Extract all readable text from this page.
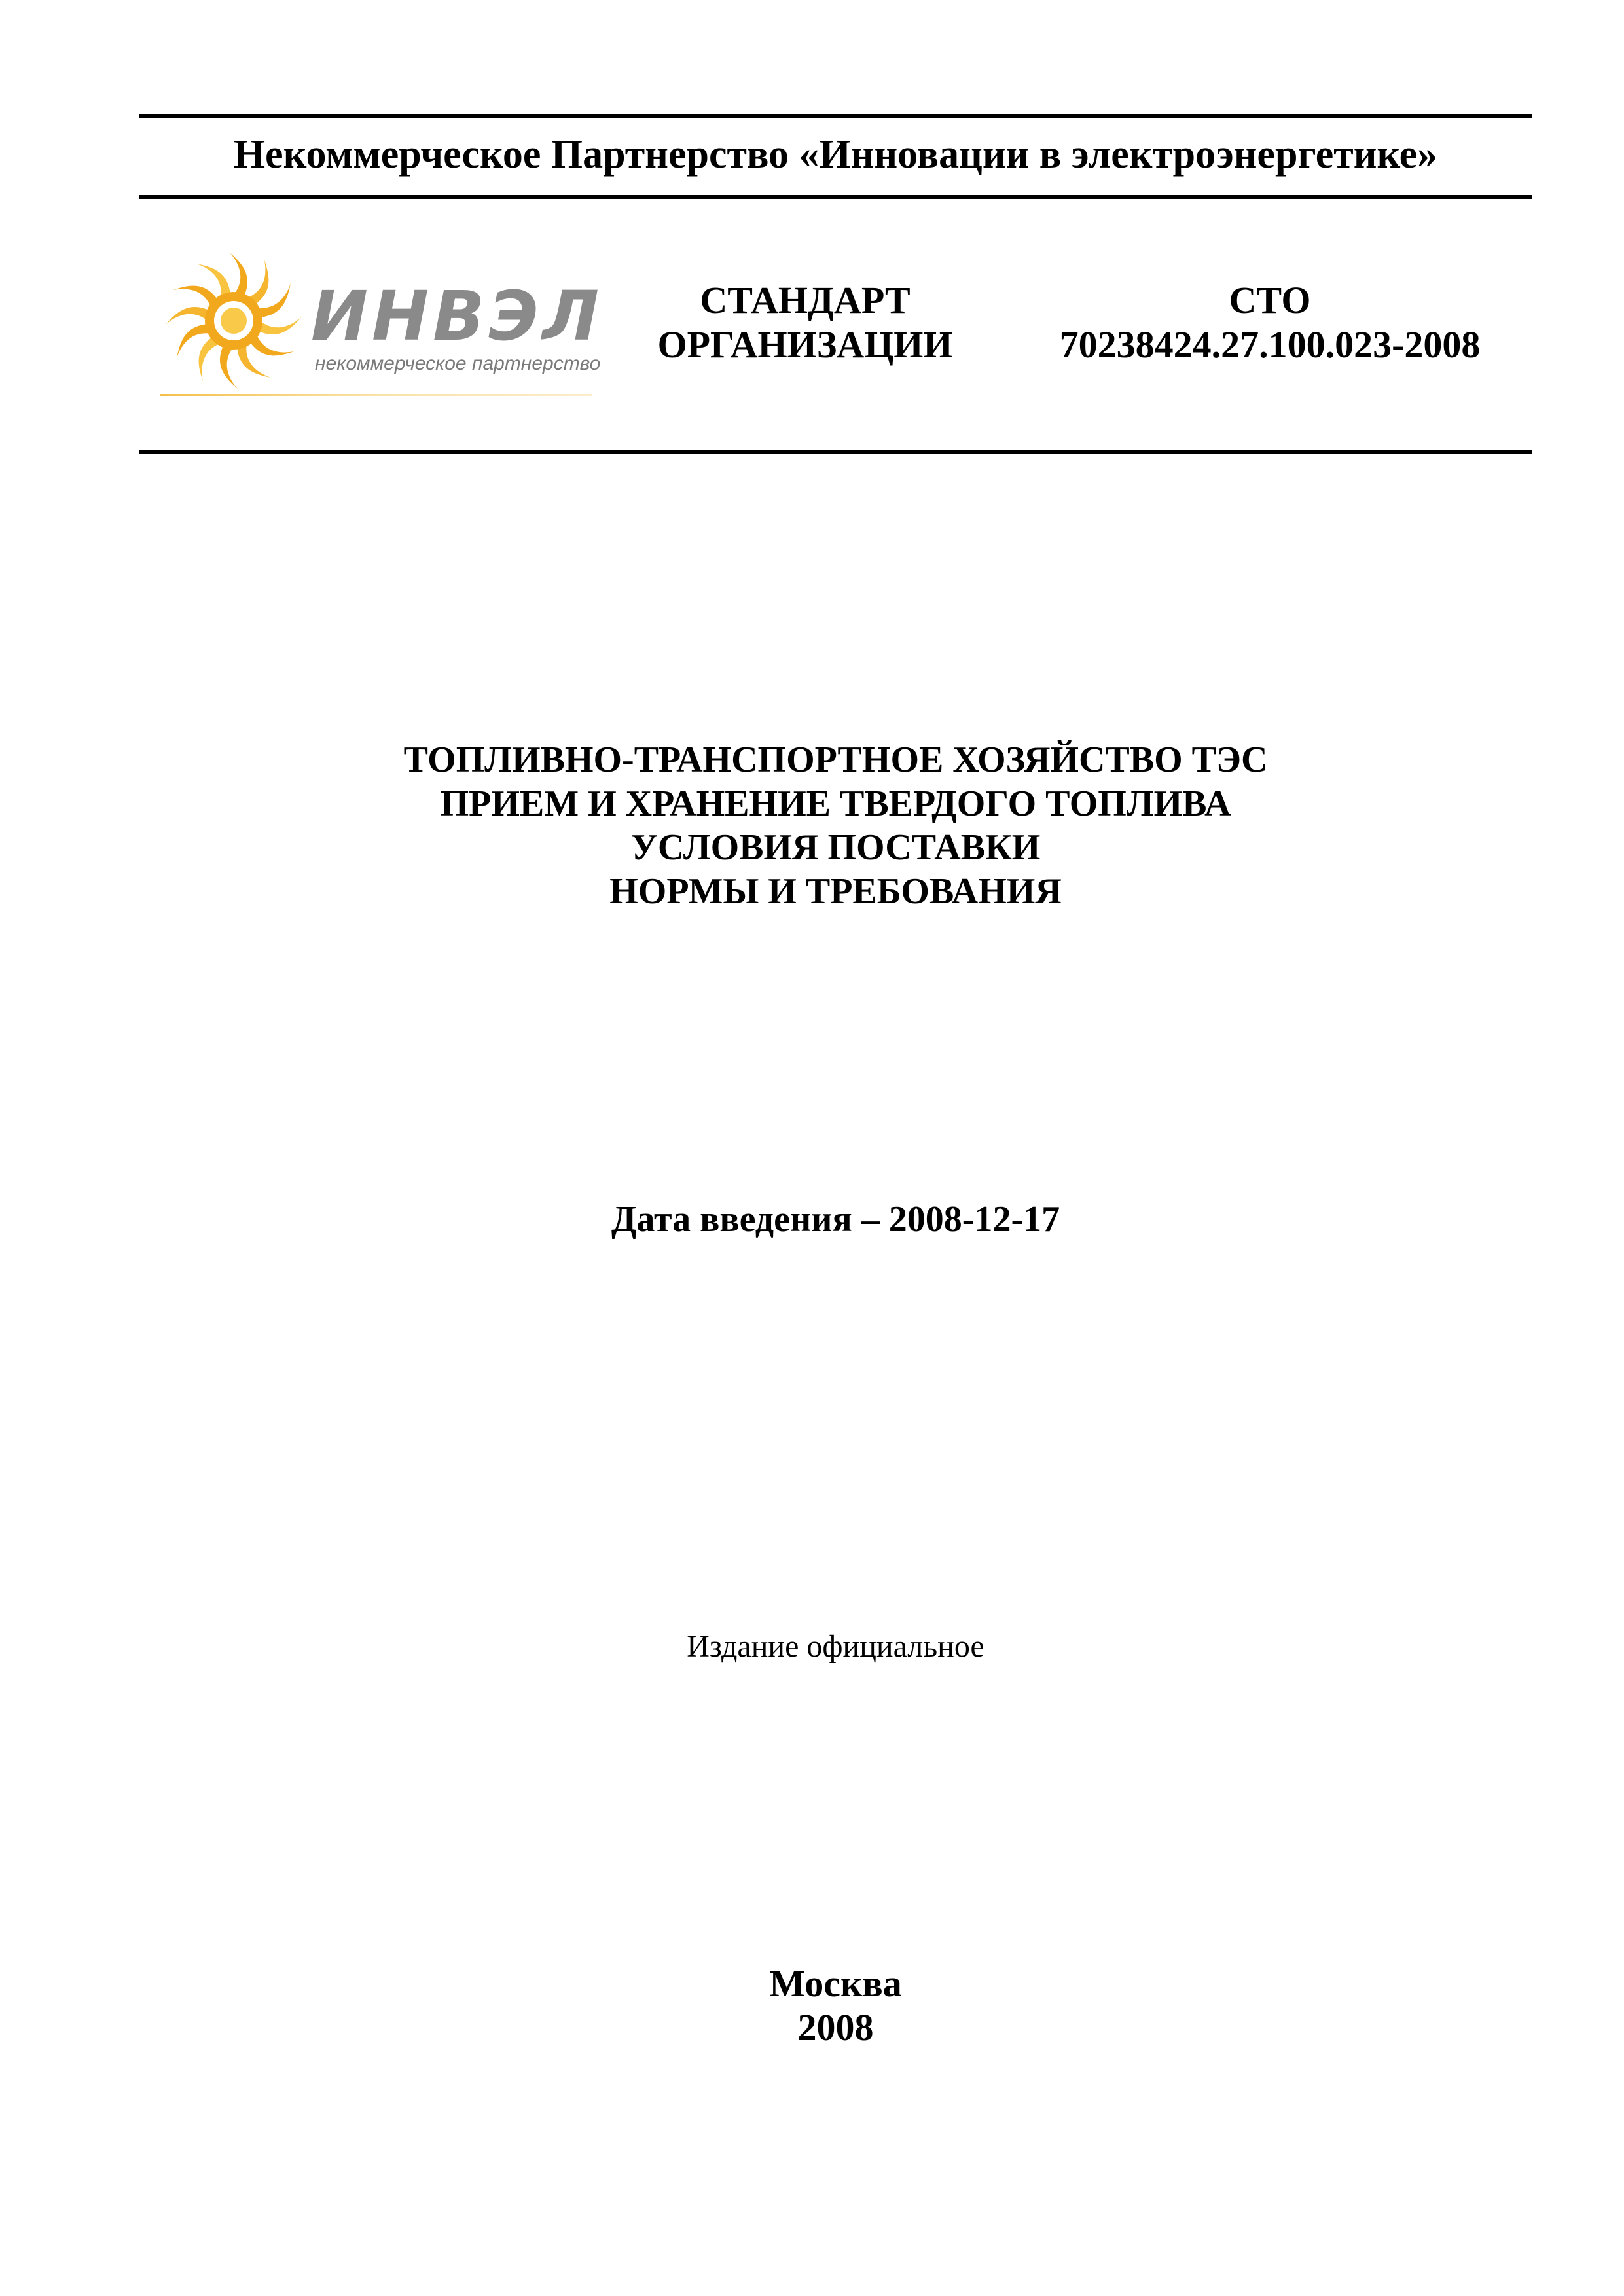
Некоммерческое Партнерство «Инновации в электроэнергетике»
ИНВЭЛ
некоммерческое партнерство
СТАНДАРТ
ОРГАНИЗАЦИИ
СТО
70238424.27.100.023-2008
ТОПЛИВНО-ТРАНСПОРТНОЕ ХОЗЯЙСТВО ТЭС
ПРИЕМ И ХРАНЕНИЕ ТВЕРДОГО ТОПЛИВА
УСЛОВИЯ ПОСТАВКИ
НОРМЫ И ТРЕБОВАНИЯ
Дата введения – 2008-12-17
Издание официальное
Москва
2008
